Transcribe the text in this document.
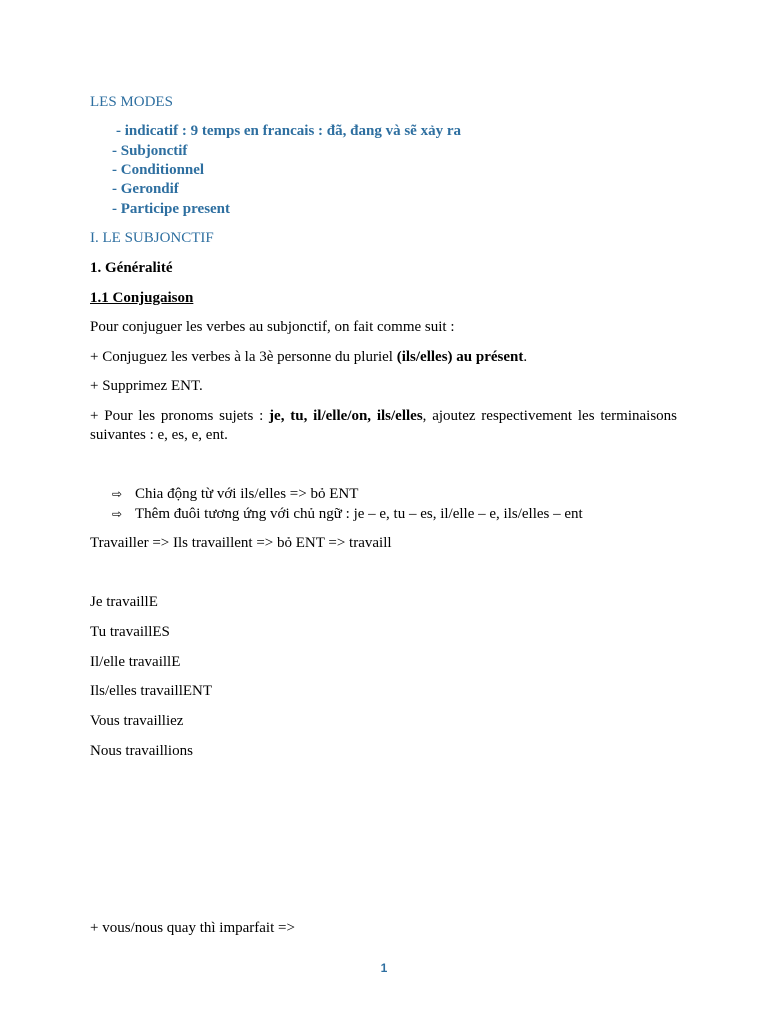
LES MODES
- indicatif : 9 temps en francais : đã, đang và sẽ xảy ra
- Subjonctif
- Conditionnel
- Gerondif
- Participe present
I. LE SUBJONCTIF
1. Généralité
1.1 Conjugaison
Pour conjuguer les verbes au subjonctif, on fait comme suit :
+ Conjuguez les verbes à la 3è personne du pluriel (ils/elles) au présent.
+ Supprimez ENT.
+ Pour les pronoms sujets : je, tu, il/elle/on, ils/elles, ajoutez respectivement les terminaisons suivantes : e, es, e, ent.
⇨ Chia động từ với ils/elles => bỏ ENT
⇨ Thêm đuôi tương ứng với chủ ngữ : je – e, tu – es, il/elle – e, ils/elles – ent
Travailler => Ils travaillent => bỏ ENT => travaill
Je travaillE
Tu travaillES
Il/elle travaillE
Ils/elles travaillENT
Vous travailliez
Nous travaillions
+ vous/nous quay thì imparfait =>
1
